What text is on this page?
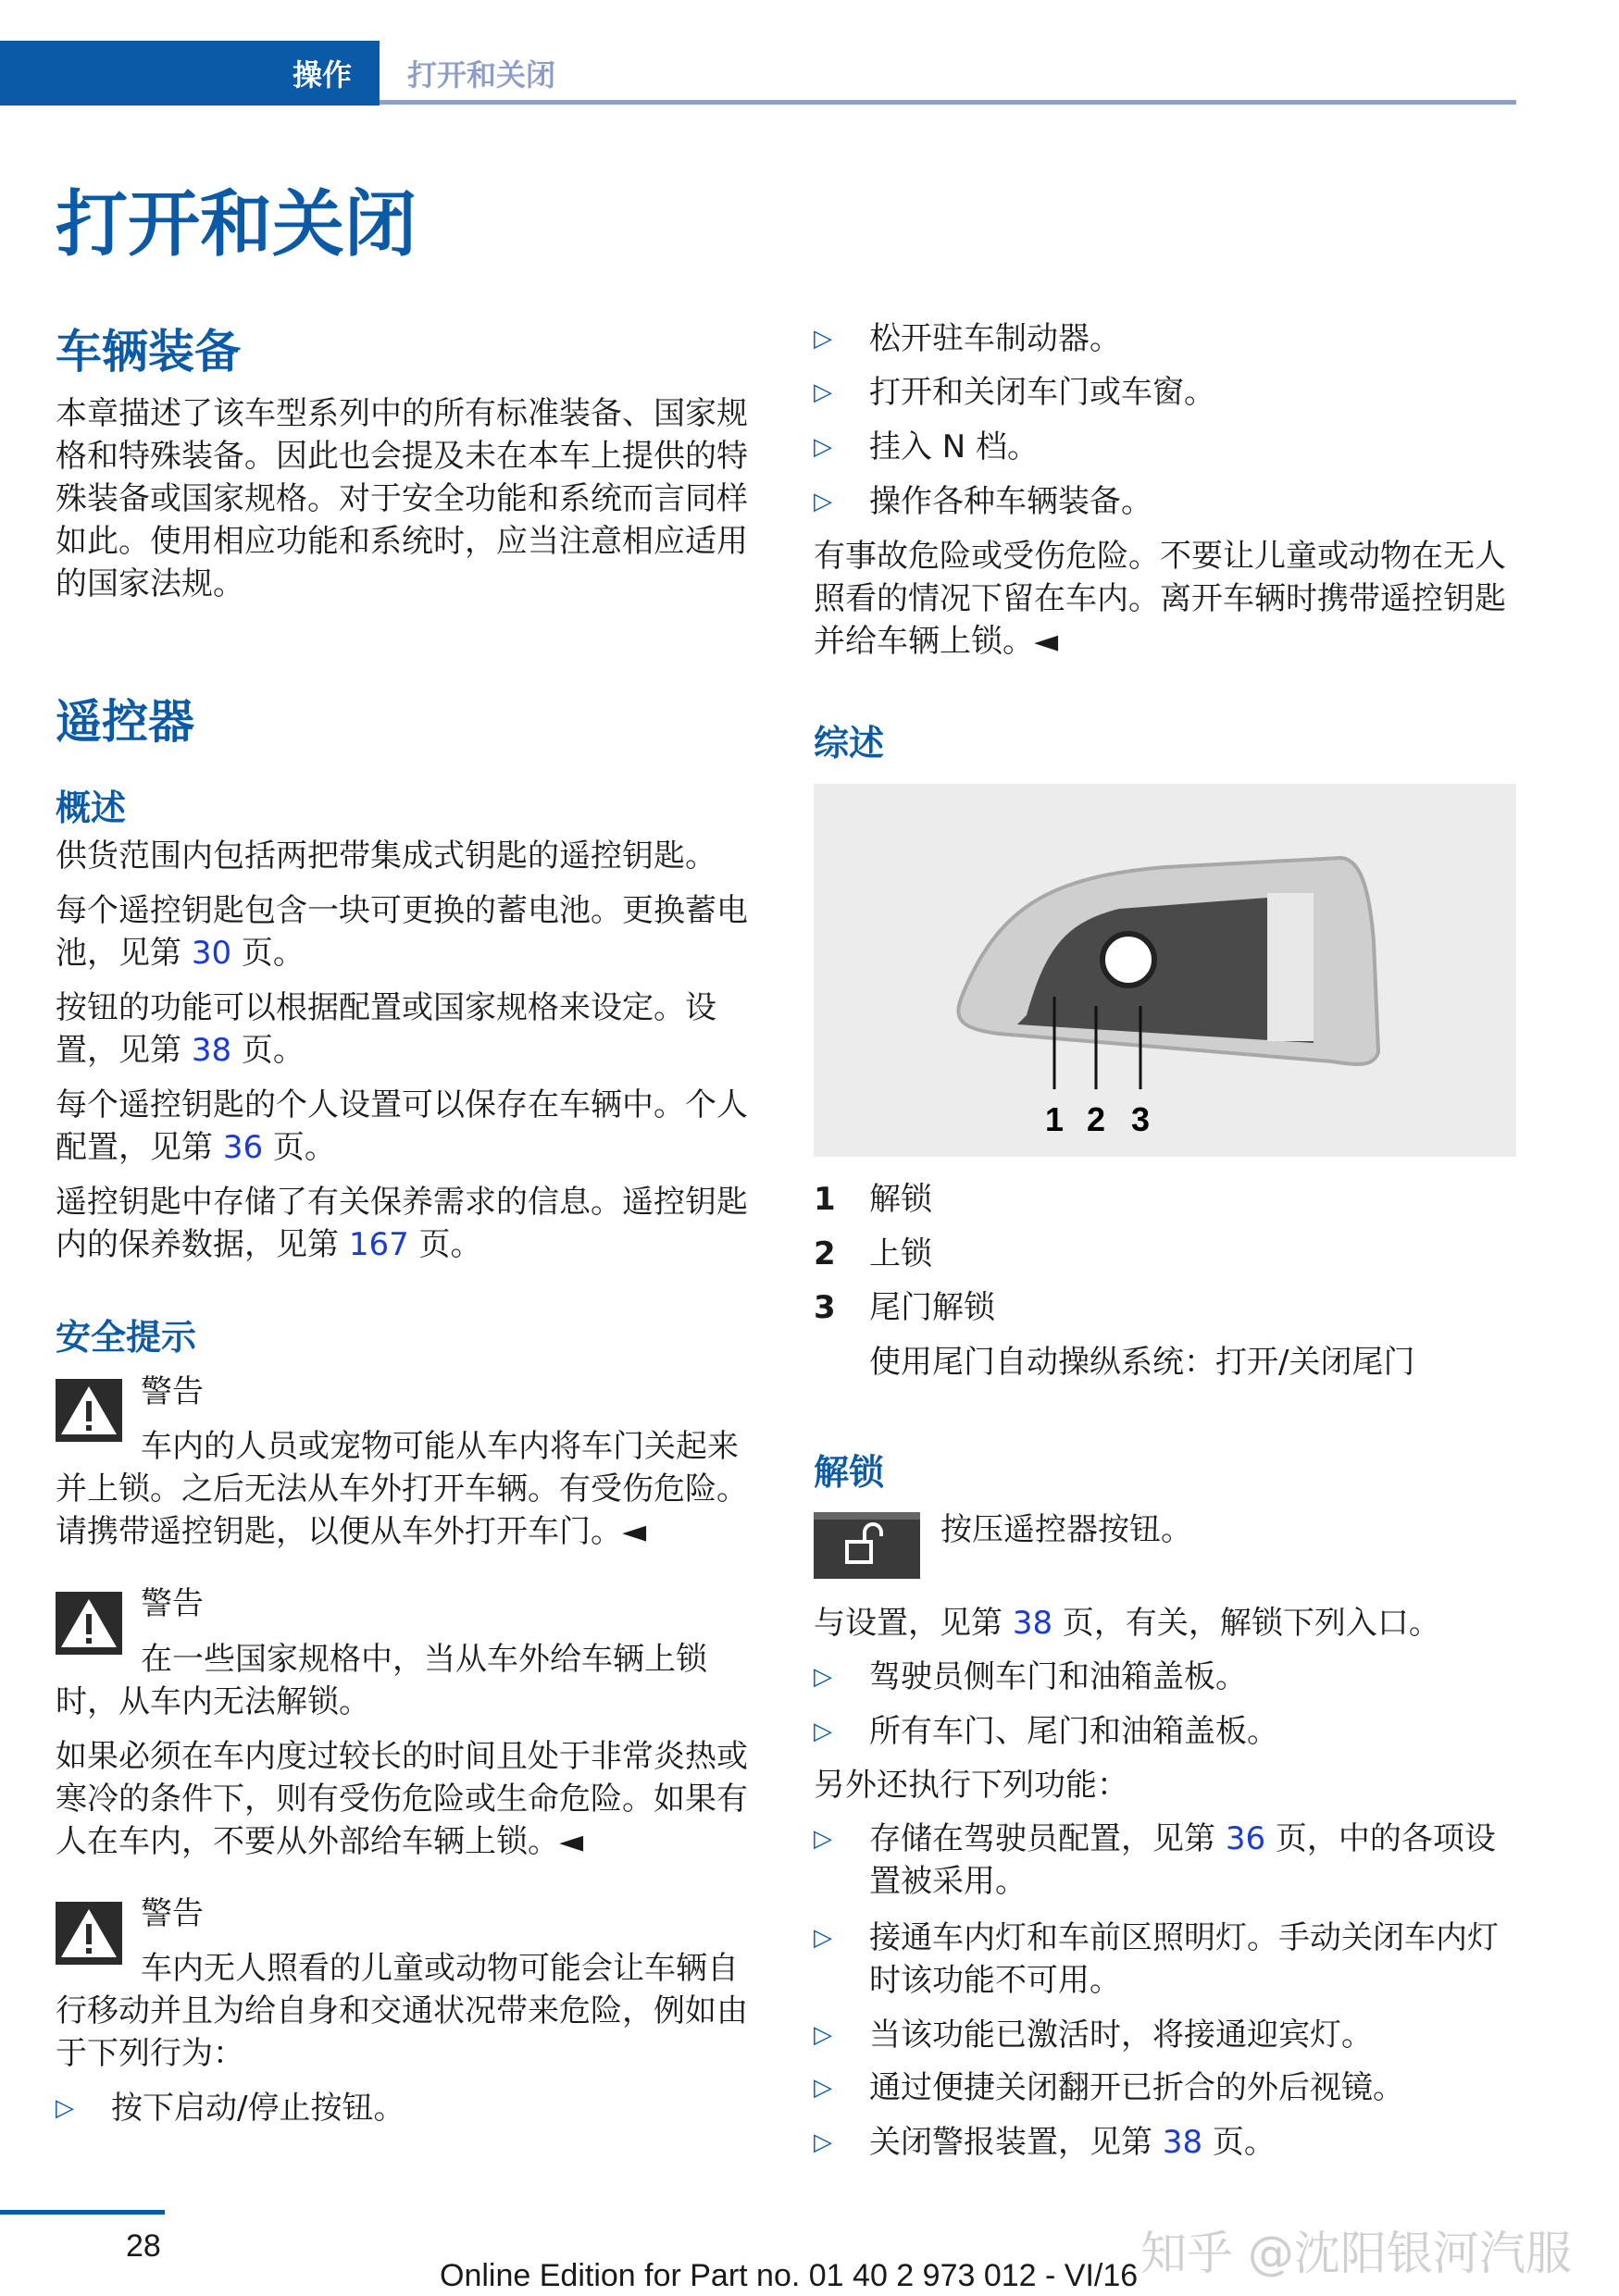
操作 打开和关闭
打开和关闭
车辆装备
本章描述了该车型系列中的所有标准装备、国家规格和特殊装备。因此也会提及未在本车上提供的特殊装备或国家规格。对于安全功能和系统而言同样如此。使用相应功能和系统时，应当注意相应适用的国家法规。
遥控器
概述
供货范围内包括两把带集成式钥匙的遥控钥匙。
每个遥控钥匙包含一块可更换的蓄电池。更换蓄电池，见第 30 页。
按钮的功能可以根据配置或国家规格来设定。设置，见第 38 页。
每个遥控钥匙的个人设置可以保存在车辆中。个人配置，见第 36 页。
遥控钥匙中存储了有关保养需求的信息。遥控钥匙内的保养数据，见第 167 页。
安全提示
警告
车内的人员或宠物可能从车内将车门关起来并上锁。之后无法从车外打开车辆。有受伤危险。请携带遥控钥匙，以便从车外打开车门。◄
警告
在一些国家规格中，当从车外给车辆上锁时，从车内无法解锁。
如果必须在车内度过较长的时间且处于非常炎热或寒冷的条件下，则有受伤危险或生命危险。如果有人在车内，不要从外部给车辆上锁。◄
警告
车内无人照看的儿童或动物可能会让车辆自行移动并且为给自身和交通状况带来危险，例如由于下列行为：
▷	按下启动/停止按钮。
▷	松开驻车制动器。
▷	打开和关闭车门或车窗。
▷	挂入 N 档。
▷	操作各种车辆装备。
有事故危险或受伤危险。不要让儿童或动物在无人照看的情况下留在车内。离开车辆时携带遥控钥匙并给车辆上锁。◄
综述
1 2 3
1	解锁
2	上锁
3	尾门解锁
使用尾门自动操纵系统：打开/关闭尾门
解锁
按压遥控器按钮。
与设置，见第 38 页，有关，解锁下列入口。
▷	驾驶员侧车门和油箱盖板。
▷	所有车门、尾门和油箱盖板。
另外还执行下列功能：
▷	存储在驾驶员配置，见第 36 页，中的各项设置被采用。
▷	接通车内灯和车前区照明灯。手动关闭车内灯时该功能不可用。
▷	当该功能已激活时，将接通迎宾灯。
▷	通过便捷关闭翻开已折合的外后视镜。
▷	关闭警报装置，见第 38 页。
28
Online Edition for Part no. 01 40 2 973 012 - VI/16 知乎 @沈阳银河汽服
